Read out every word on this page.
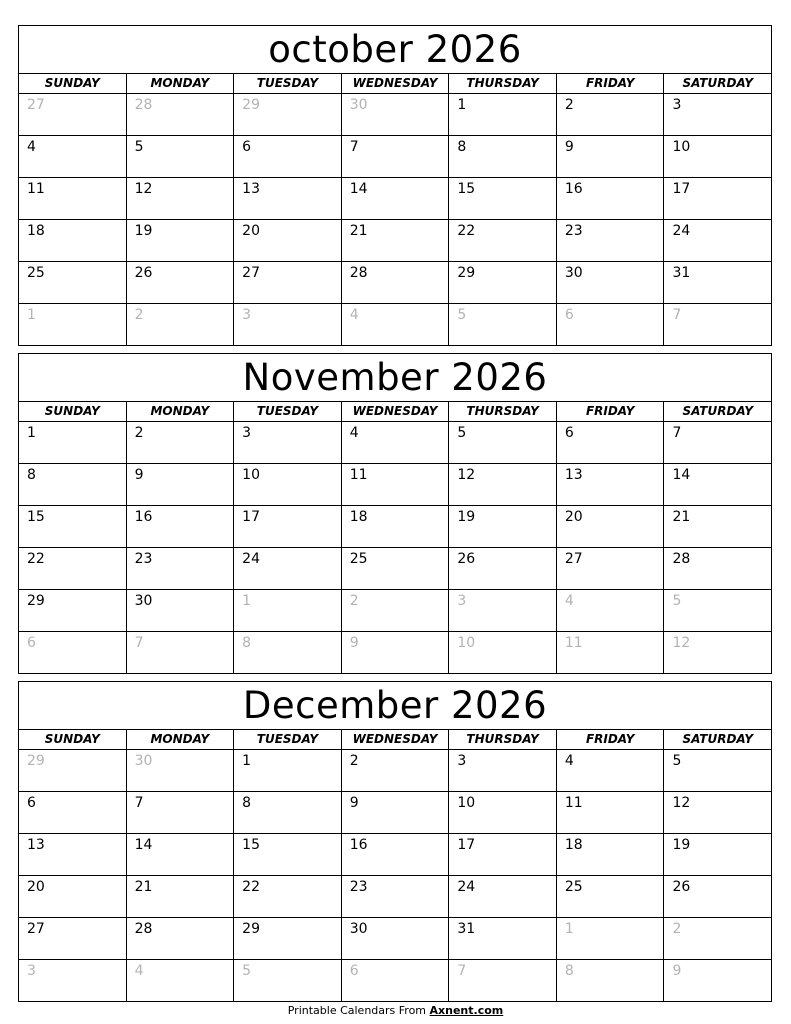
october 2026
SUNDAY	MONDAY	TUESDAY	WEDNESDAY	THURSDAY	FRIDAY	SATURDAY
27	28	29	30	1	2	3
4	5	6	7	8	9	10
11	12	13	14	15	16	17
18	19	20	21	22	23	24
25	26	27	28	29	30	31
1	2	3	4	5	6	7
November 2026
SUNDAY	MONDAY	TUESDAY	WEDNESDAY	THURSDAY	FRIDAY	SATURDAY
1	2	3	4	5	6	7
8	9	10	11	12	13	14
15	16	17	18	19	20	21
22	23	24	25	26	27	28
29	30	1	2	3	4	5
6	7	8	9	10	11	12
December 2026
SUNDAY	MONDAY	TUESDAY	WEDNESDAY	THURSDAY	FRIDAY	SATURDAY
29	30	1	2	3	4	5
6	7	8	9	10	11	12
13	14	15	16	17	18	19
20	21	22	23	24	25	26
27	28	29	30	31	1	2
3	4	5	6	7	8	9
Printable Calendars From Axnent.com
